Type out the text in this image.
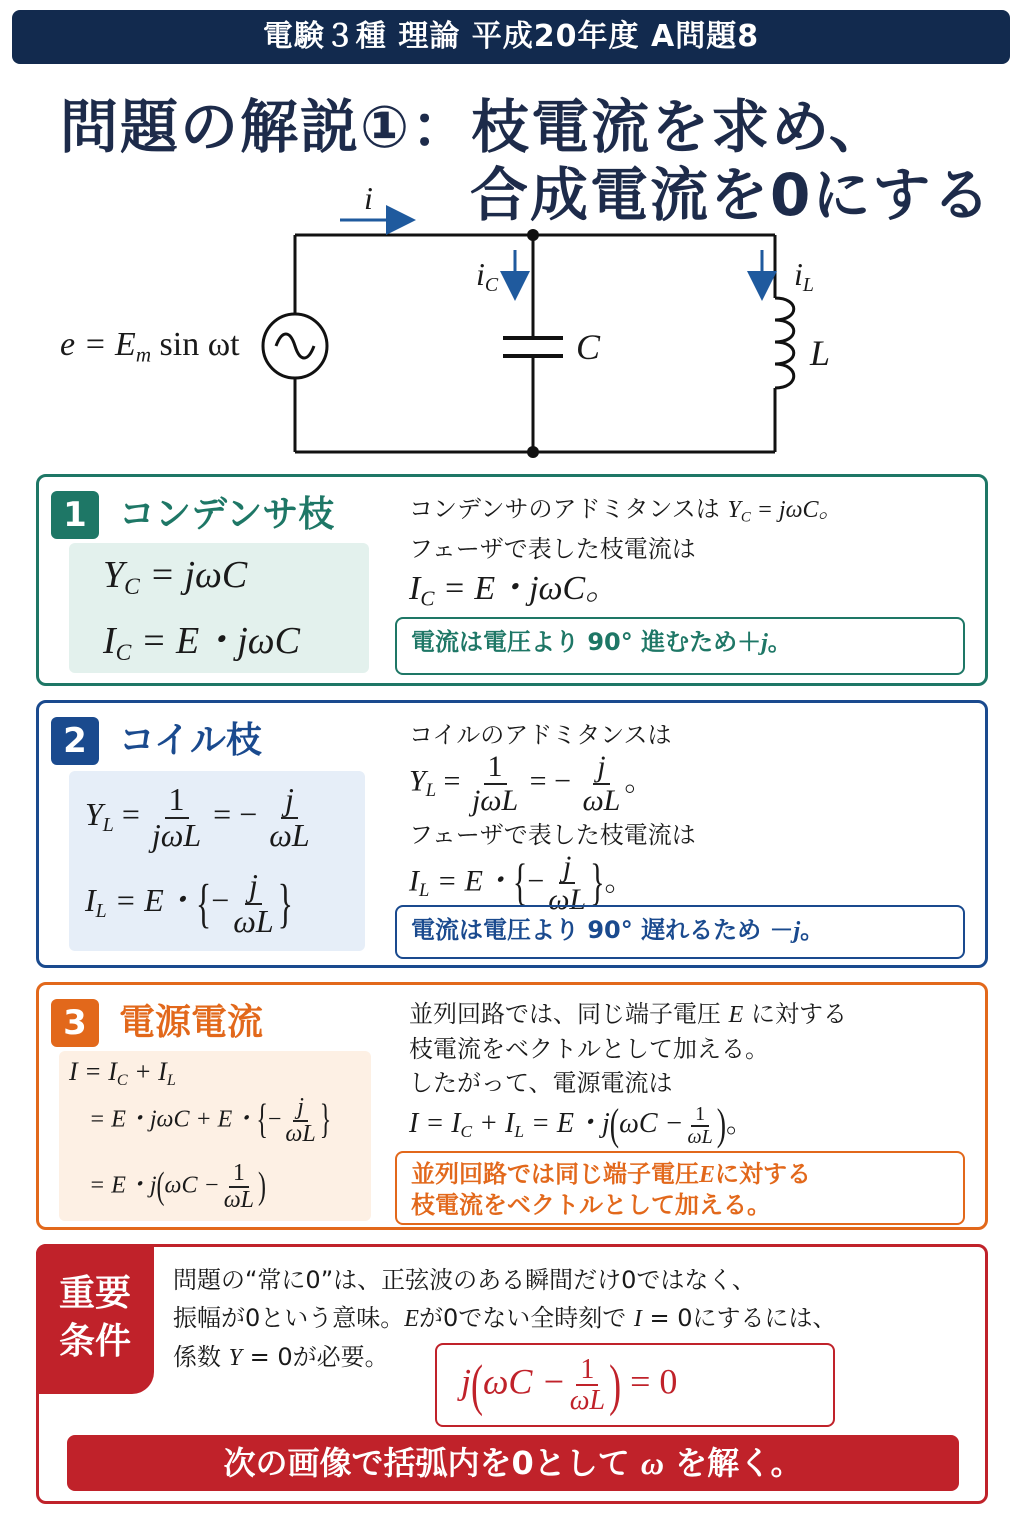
電験３種 理論 平成20年度 A問題8
問題の解説①：枝電流を求め、
合成電流を0にする
i
$i_C$	$i_L$
C	L
$e = E_m$ sin ωt
1 コンデンサ枝
$Y_C = j\omega C$
$I_C = E$・jωC
コンデンサのアドミタンスは $Y_C = j\omega C$。
フェーザで表した枝電流は
$I_C = E$・jωC。
電流は電圧より 90° 進むため＋j。
2 コイル枝
$Y_L = \frac{1}{\text{jωL}}$ = − $\frac{j}{\omega L}$
$I_L = E$・{− $\frac{j}{\omega L}$ }
コイルのアドミタンスは
$Y_L = \frac{1}{\text{jωL}}$ = − $\frac{j}{\omega L}$ 。
フェーザで表した枝電流は
$I_L = E$・{− $\frac{j}{\omega L}$ }。
電流は電圧より 90° 遅れるため －j。
3 電源電流
$I = I_C + I_L$
= E・jωC + E・{− $\frac{j}{\omega L}$ }
= E・$j(\omega C - \frac{1}{\omega L}$ )
並列回路では、同じ端子電圧 E に対する
枝電流をベクトルとして加える。
したがって、電源電流は
$I = I_C + I_L = E$・$j(\omega C - \frac{1}{\omega L}$ )。
並列回路では同じ端子電圧Eに対する
枝電流をベクトルとして加える。
重要
条件
問題の“常に0”は、正弦波のある瞬間だけ0ではなく、
振幅が0という意味。Eが0でない全時刻で I = 0にするには、
係数 Y = 0が必要。
$j(\omega C - \frac{1}{\omega L}$ ) = 0
次の画像で括弧内を0として ω を解く。
